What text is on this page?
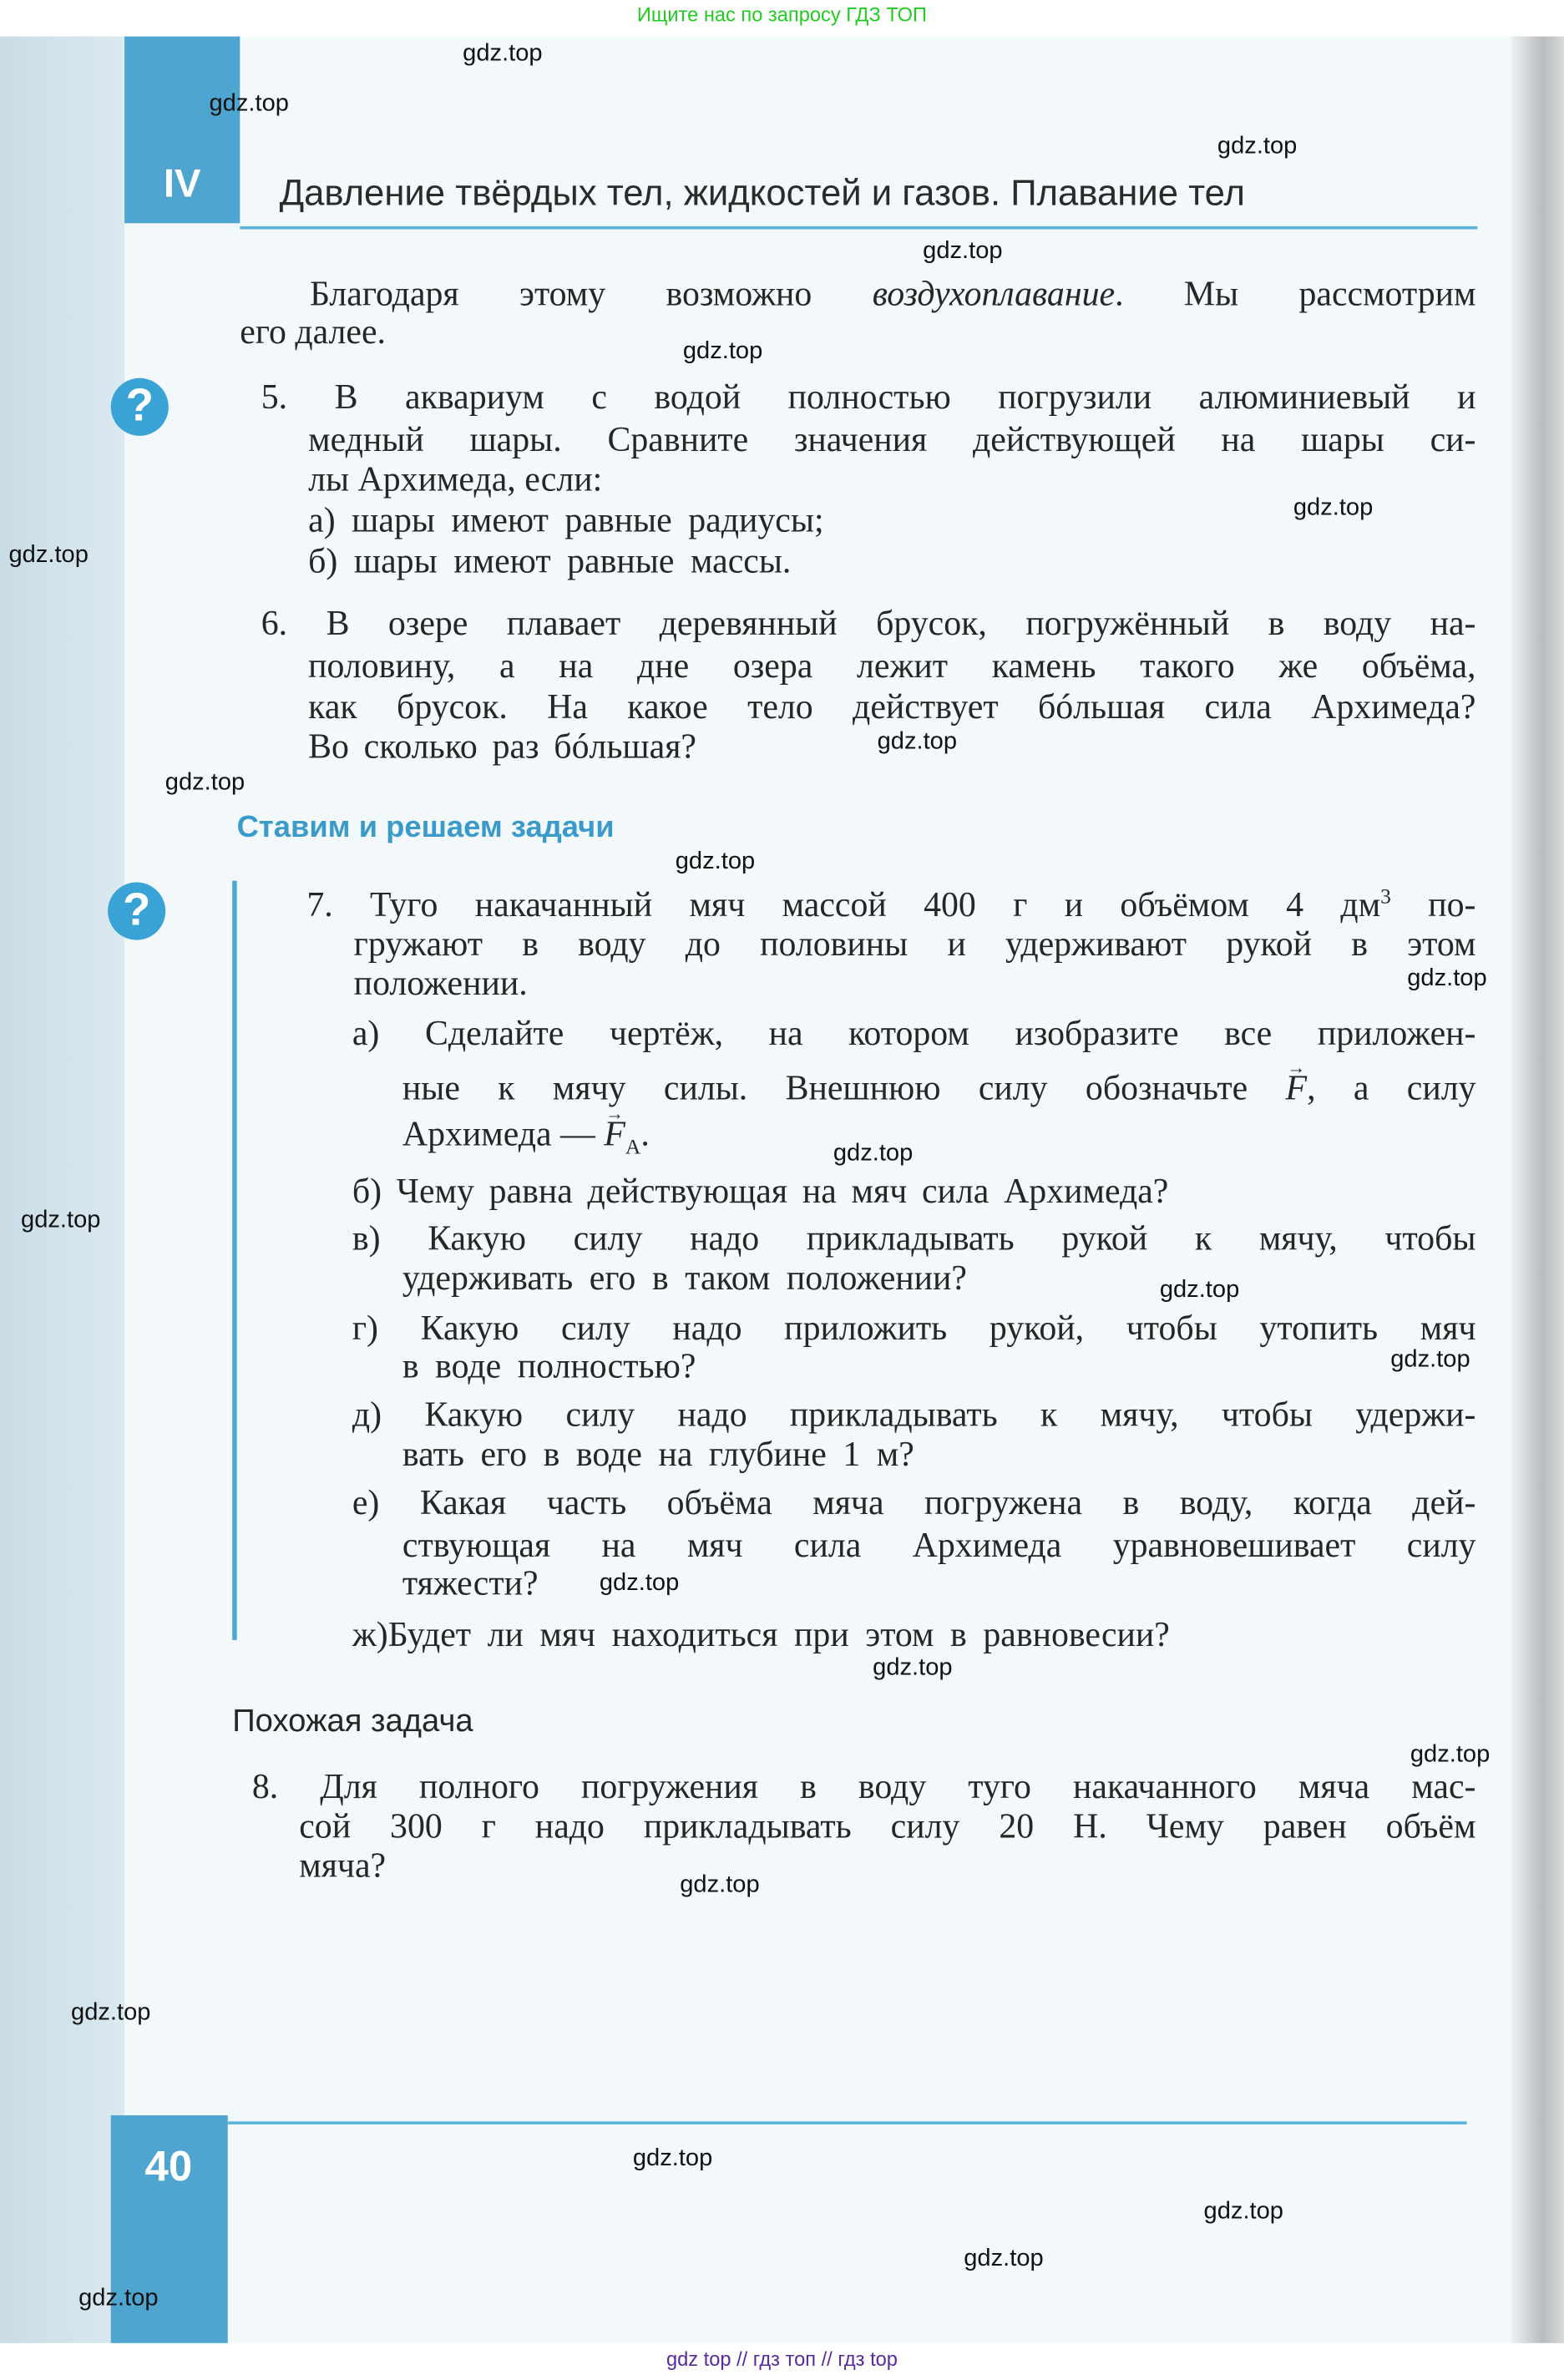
Ищите нас по запросу ГДЗ ТОП
IV	Давление твёрдых тел, жидкостей и газов. Плавание тел
Благодаря этому возможно воздухоплавание. Мы рассмотрим
его далее.
?	5. В аквариум с водой полностью погрузили алюминиевый и
медный шары. Сравните значения действующей на шары си-
лы Архимеда, если:
а) шары имеют равные радиусы;
б) шары имеют равные массы.
6. В озере плавает деревянный брусок, погружённый в воду на-
половину, а на дне озера лежит камень такого же объёма,
как брусок. На какое тело действует бóльшая сила Архимеда?
Во сколько раз бóльшая?
Ставим и решаем задачи
?	7. Туго накачанный мяч массой 400 г и объёмом 4 $дм^3$ по-
гружают в воду до половины и удерживают рукой в этом
положении.
а) Сделайте чертёж, на котором изобразите все приложен-
ные к мячу силы. Внешнюю силу обозначьте → F, а силу
Архимеда — → $F_A$.
б) Чему равна действующая на мяч сила Архимеда?
в) Какую силу надо прикладывать рукой к мячу, чтобы
удерживать его в таком положении?
г) Какую силу надо приложить рукой, чтобы утопить мяч
в воде полностью?
д) Какую силу надо прикладывать к мячу, чтобы удержи-
вать его в воде на глубине 1 м?
е) Какая часть объёма мяча погружена в воду, когда дей-
ствующая на мяч сила Архимеда уравновешивает силу
тяжести?
ж)Будет ли мяч находиться при этом в равновесии?
Похожая задача
8. Для полного погружения в воду туго накачанного мяча мас-
сой 300 г надо прикладывать силу 20 Н. Чему равен объём
мяча?
40
gdz.top
gdz.top
gdz.top
gdz.top
gdz.top
gdz.top
gdz.top
gdz.top
gdz.top
gdz.top
gdz.top
gdz.top
gdz.top
gdz.top
gdz.top
gdz.top
gdz.top
gdz.top
gdz.top
gdz.top
gdz.top
gdz.top
gdz.top
gdz.top
gdz top // гдз топ // гдз top
